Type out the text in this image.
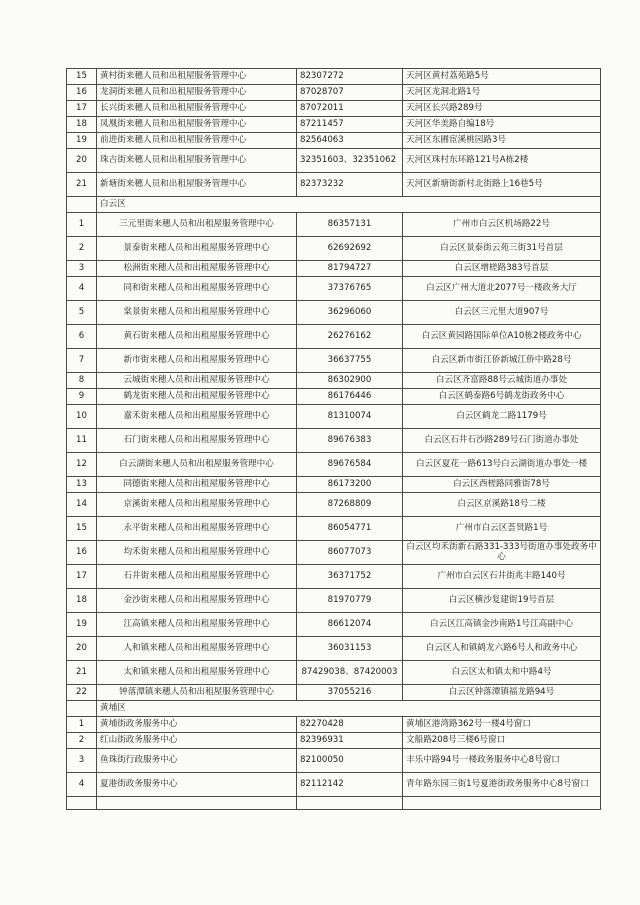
15	黄村街来穗人员和出租屋服务管理中心	82307272	天河区黄村荔苑路5号
16	龙洞街来穗人员和出租屋服务管理中心	87028707	天河区龙洞北路1号
17	长兴街来穗人员和出租屋服务管理中心	87072011	天河区长兴路289号
18	凤凰街来穗人员和出租屋服务管理中心	87211457	天河区华美路自编18号
19	前进街来穗人员和出租屋服务管理中心	82564063	天河区东圃宦溪桃园路3号
20	珠吉街来穗人员和出租屋服务管理中心	32351603、32351062	天河区珠村东环路121号A栋2楼
21	新塘街来穗人员和出租屋服务管理中心	82373232	天河区新塘街新村北街路上16巷5号
	白云区		
1	三元里街来穗人员和出租屋服务管理中心	86357131	广州市白云区机场路22号
2	景泰街来穗人员和出租屋服务管理中心	62692692	白云区景泰街云苑三街31号首层
3	松洲街来穗人员和出租屋服务管理中心	81794727	白云区增槎路383号首层
4	同和街来穗人员和出租屋服务管理中心	37376765	白云区广州大道北2077号一楼政务大厅
5	棠景街来穗人员和出租屋服务管理中心	36296060	白云区三元里大道907号
6	黄石街来穗人员和出租屋服务管理中心	26276162	白云区黄园路国际单位A10栋2楼政务中心
7	新市街来穗人员和出租屋服务管理中心	36637755	白云区新市街江侨新城江侨中路28号
8	云城街来穗人员和出租屋服务管理中心	86302900	白云区齐富路88号云城街道办事处
9	鹤龙街来穗人员和出租屋服务管理中心	86176446	白云区鹤泰路6号鹤龙街政务中心
10	嘉禾街来穗人员和出租屋服务管理中心	81310074	白云区鹤龙二路1179号
11	石门街来穗人员和出租屋服务管理中心	89676383	白云区石井石沙路289号石门街道办事处
12	白云湖街来穗人员和出租屋服务管理中心	89676584	白云区夏花一路613号白云湖街道办事处一楼
13	同德街来穗人员和出租屋服务管理中心	86173200	白云区西槎路同雅街78号
14	京溪街来穗人员和出租屋服务管理中心	87268809	白云区京溪路18号二楼
15	永平街来穗人员和出租屋服务管理中心	86054771	广州市白云区荟贤路1号
16	均禾街来穗人员和出租屋服务管理中心	86077073	白云区均禾街新石路331-333号街道办事处政务中心
17	石井街来穗人员和出租屋服务管理中心	36371752	广州市白云区石井街兆丰路140号
18	金沙街来穗人员和出租屋服务管理中心	81970779	白云区横沙复建街19号首层
19	江高镇来穗人员和出租屋服务管理中心	86612074	白云区江高镇金沙南路1号江高副中心
20	人和镇来穗人员和出租屋服务管理中心	36031153	白云区人和镇鹤龙六路6号人和政务中心
21	太和镇来穗人员和出租屋服务管理中心	87429038、87420003	白云区太和镇太和中路4号
22	钟落潭镇来穗人员和出租屋服务管理中心	37055216	白云区钟落潭镇福龙路94号
	黄埔区		
1	黄埔街政务服务中心	82270428	黄埔区港湾路362号一楼4号窗口
2	红山街政务服务中心	82396931	文船路208号三楼6号窗口
3	鱼珠街行政服务中心	82100050	丰乐中路94号一楼政务服务中心8号窗口
4	夏港街政务服务中心	82112142	青年路东园三街1号夏港街政务服务中心8号窗口
